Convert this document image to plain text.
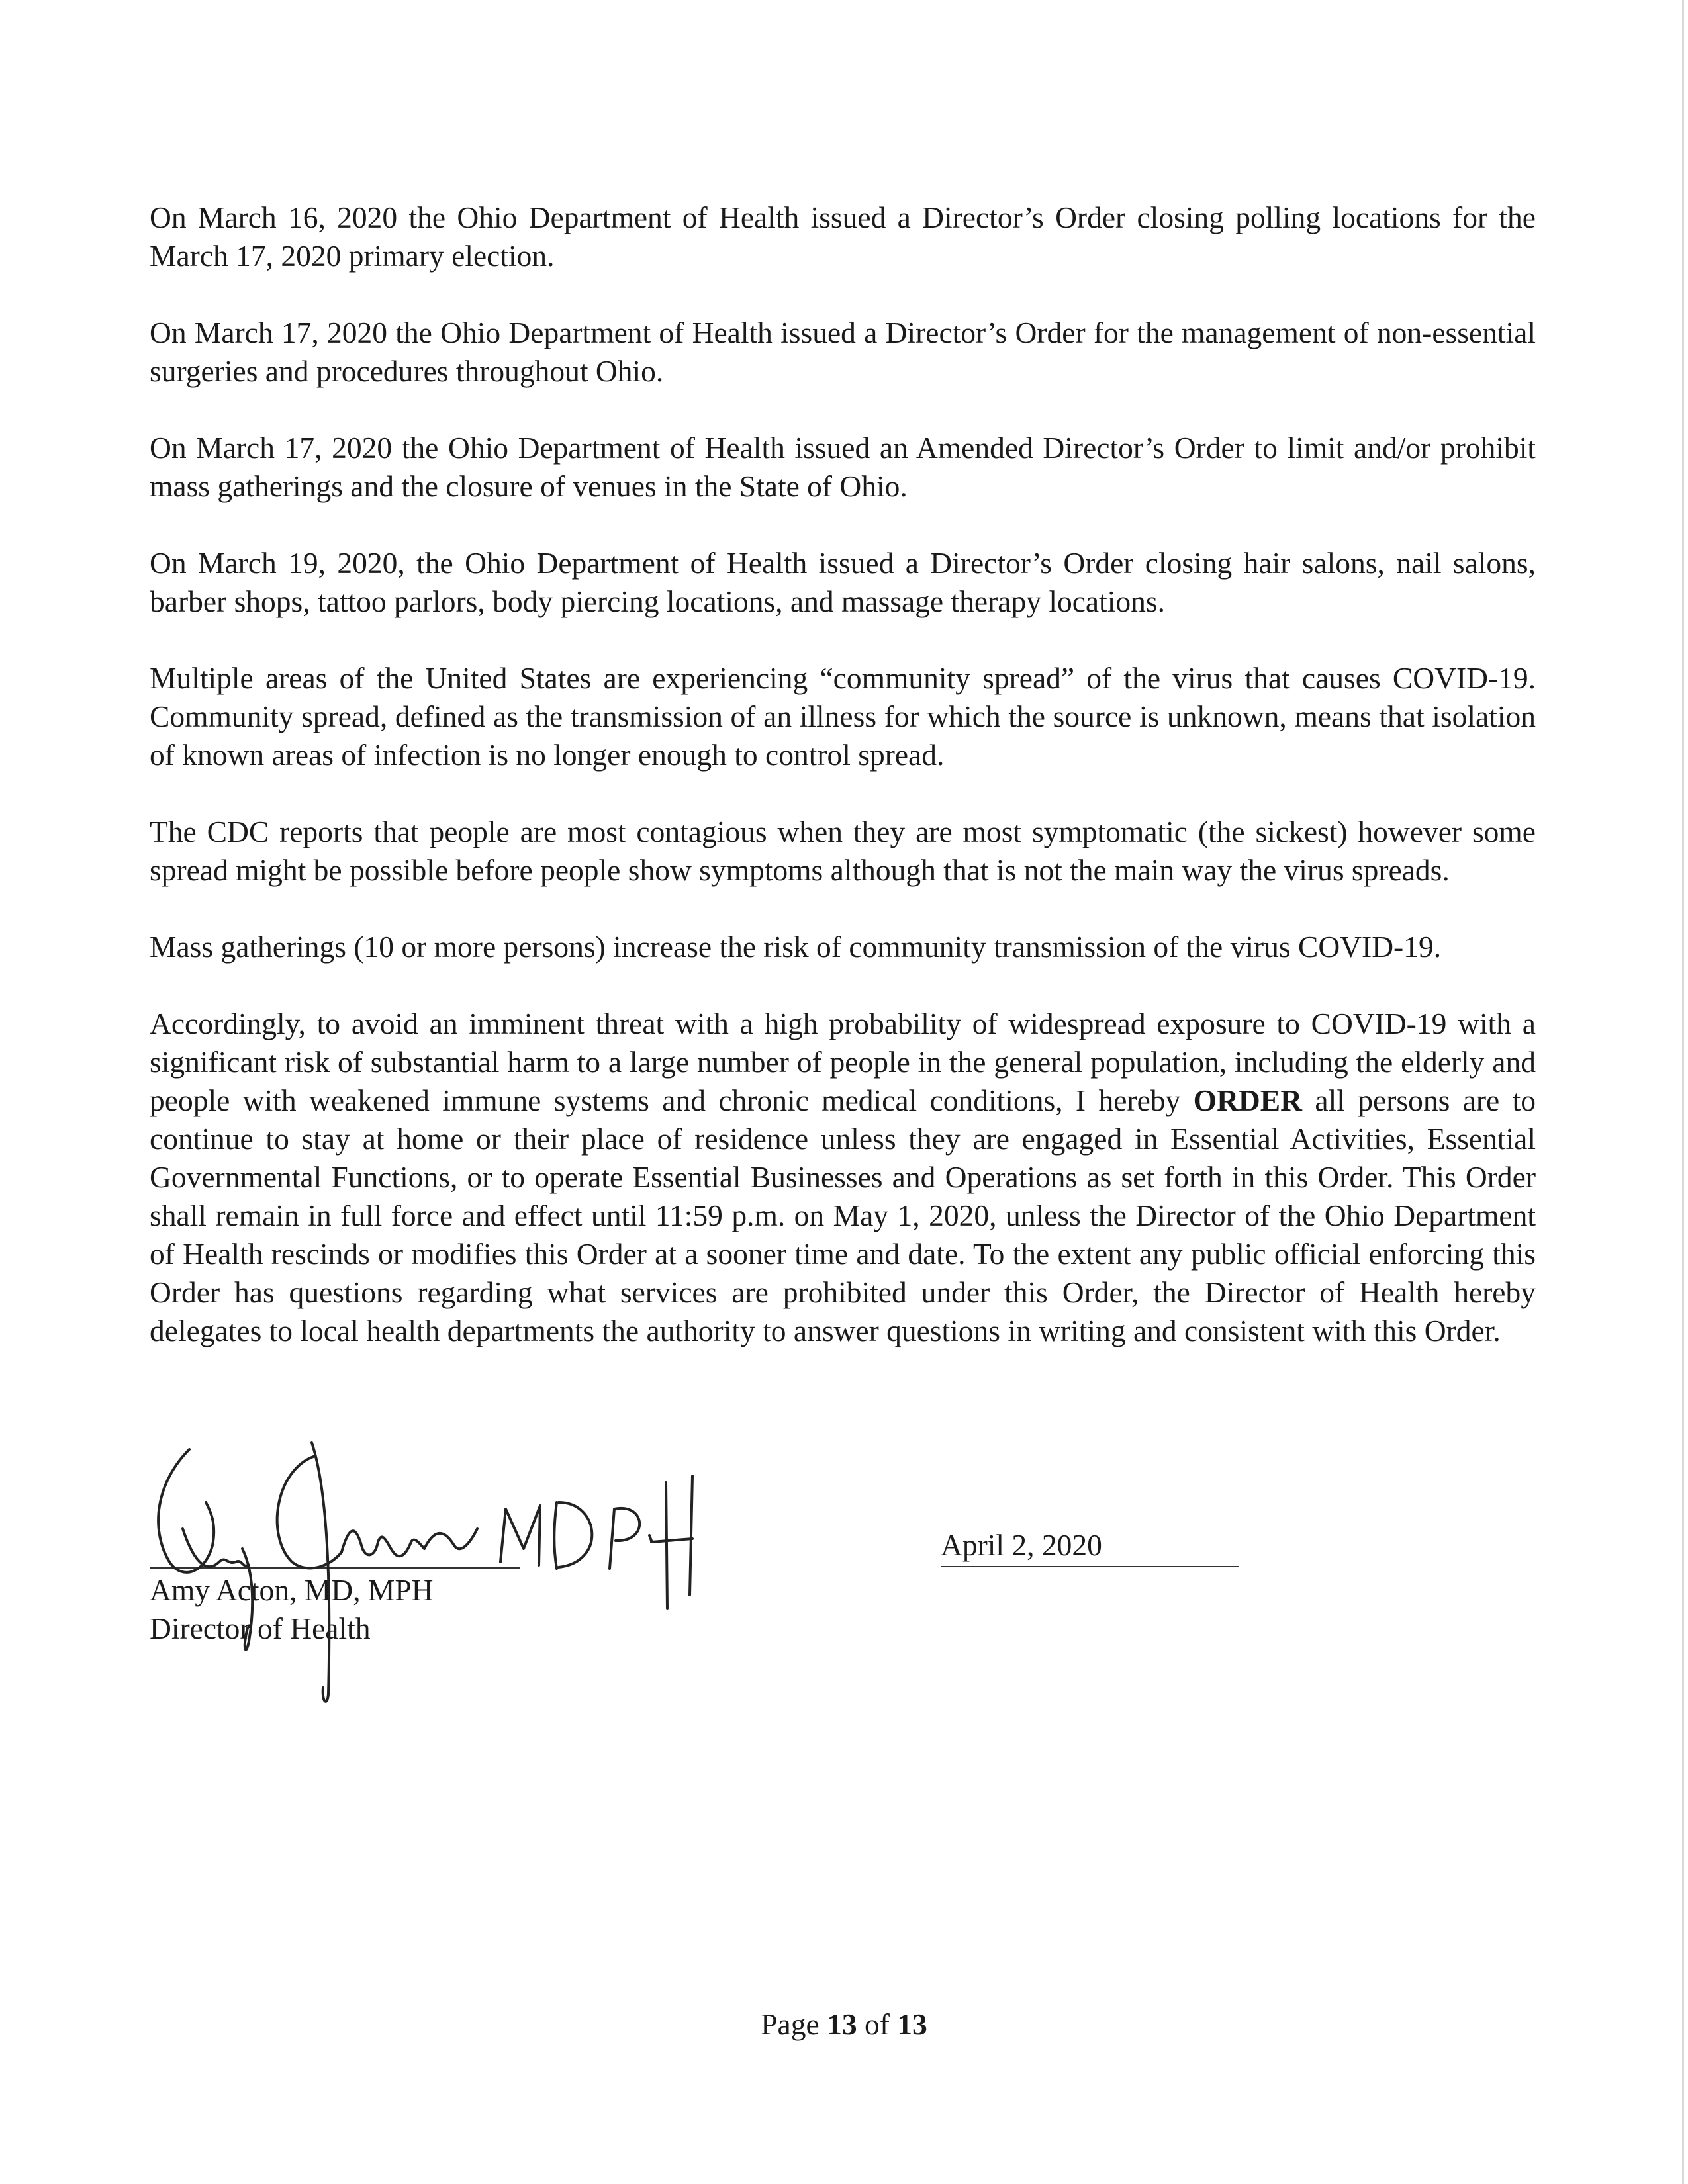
On March 16, 2020 the Ohio Department of Health issued a Director’s Order closing polling locations for the March 17, 2020 primary election.

On March 17, 2020 the Ohio Department of Health issued a Director’s Order for the management of non-essential surgeries and procedures throughout Ohio.

On March 17, 2020 the Ohio Department of Health issued an Amended Director’s Order to limit and/or prohibit mass gatherings and the closure of venues in the State of Ohio.

On March 19, 2020, the Ohio Department of Health issued a Director’s Order closing hair salons, nail salons, barber shops, tattoo parlors, body piercing locations, and massage therapy locations.

Multiple areas of the United States are experiencing “community spread” of the virus that causes COVID-19. Community spread, defined as the transmission of an illness for which the source is unknown, means that isolation of known areas of infection is no longer enough to control spread.

The CDC reports that people are most contagious when they are most symptomatic (the sickest) however some spread might be possible before people show symptoms although that is not the main way the virus spreads.

Mass gatherings (10 or more persons) increase the risk of community transmission of the virus COVID-19.

Accordingly, to avoid an imminent threat with a high probability of widespread exposure to COVID-19 with a significant risk of substantial harm to a large number of people in the general population, including the elderly and people with weakened immune systems and chronic medical conditions, I hereby ORDER all persons are to continue to stay at home or their place of residence unless they are engaged in Essential Activities, Essential Governmental Functions, or to operate Essential Businesses and Operations as set forth in this Order. This Order shall remain in full force and effect until 11:59 p.m. on May 1, 2020, unless the Director of the Ohio Department of Health rescinds or modifies this Order at a sooner time and date. To the extent any public official enforcing this Order has questions regarding what services are prohibited under this Order, the Director of Health hereby delegates to local health departments the authority to answer questions in writing and consistent with this Order.

Amy Acton, MD, MPH
Director of Health
April 2, 2020
Page 13 of 13
